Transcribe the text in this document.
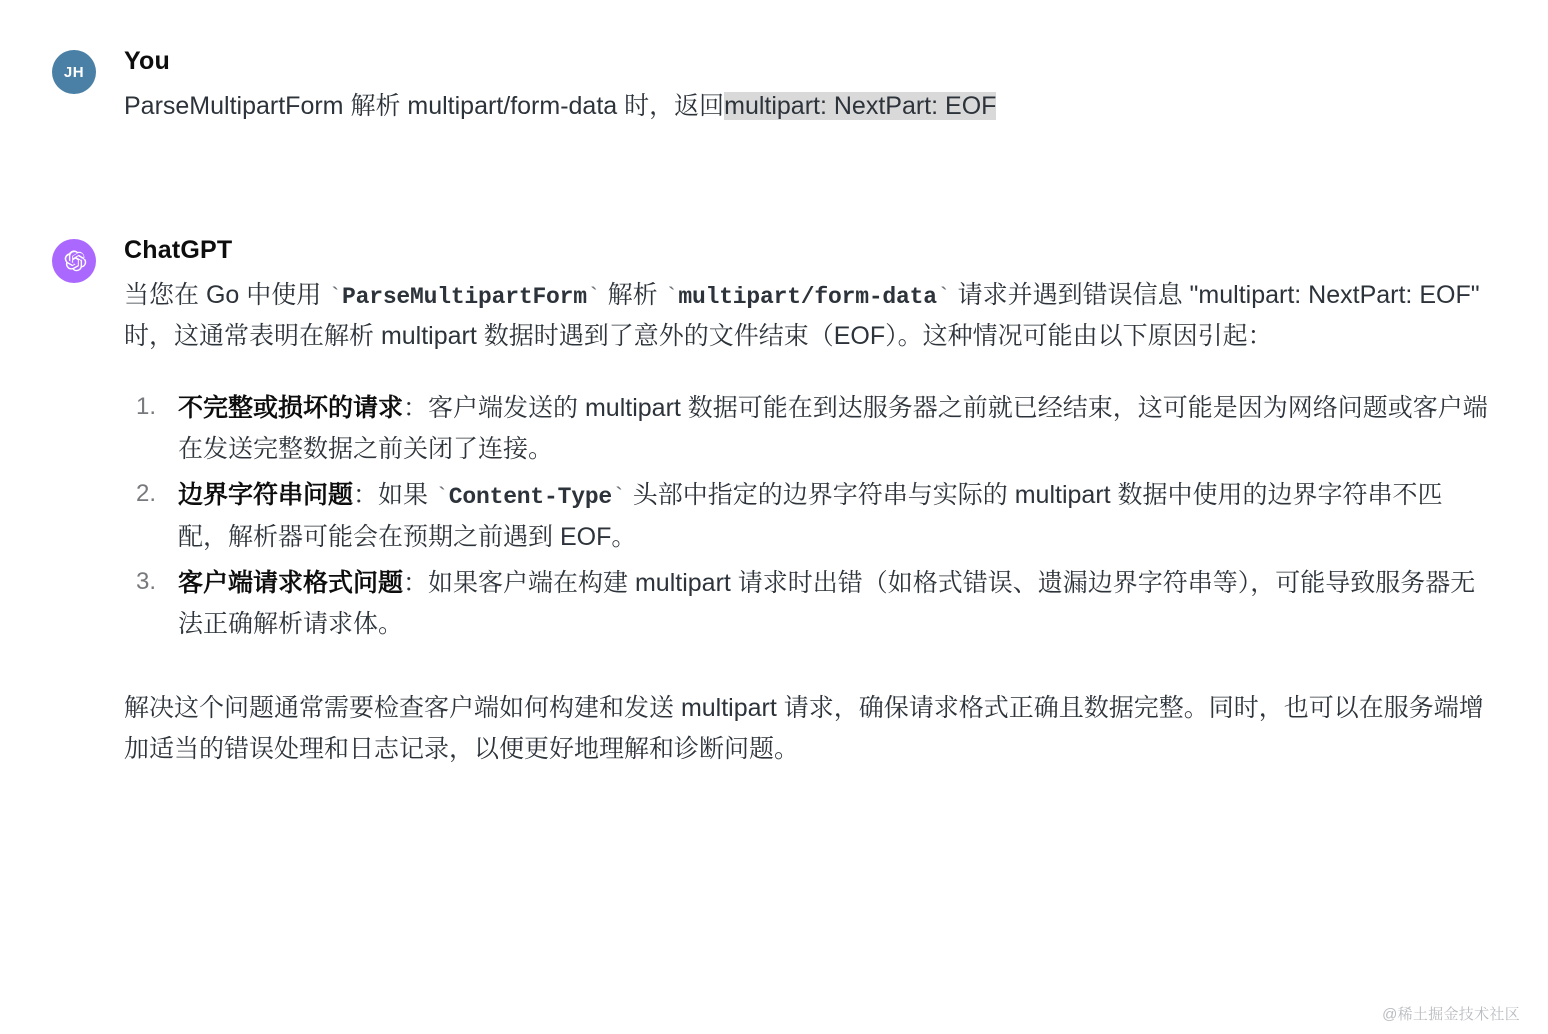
JH You
ParseMultipartForm 解析 multipart/form-data 时，返回multipart: NextPart: EOF
ChatGPT
当您在 Go 中使用 `ParseMultipartForm` 解析 `multipart/form-data` 请求并遇到错误信息 "multipart: NextPart: EOF" 时，这通常表明在解析 multipart 数据时遇到了意外的文件结束（EOF）。这种情况可能由以下原因引起：
不完整或损坏的请求：客户端发送的 multipart 数据可能在到达服务器之前就已经结束，这可能是因为网络问题或客户端在发送完整数据之前关闭了连接。
边界字符串问题：如果 `Content-Type` 头部中指定的边界字符串与实际的 multipart 数据中使用的边界字符串不匹配，解析器可能会在预期之前遇到 EOF。
客户端请求格式问题：如果客户端在构建 multipart 请求时出错（如格式错误、遗漏边界字符串等），可能导致服务器无法正确解析请求体。
解决这个问题通常需要检查客户端如何构建和发送 multipart 请求，确保请求格式正确且数据完整。同时，也可以在服务端增加适当的错误处理和日志记录，以便更好地理解和诊断问题。
@稀土掘金技术社区
